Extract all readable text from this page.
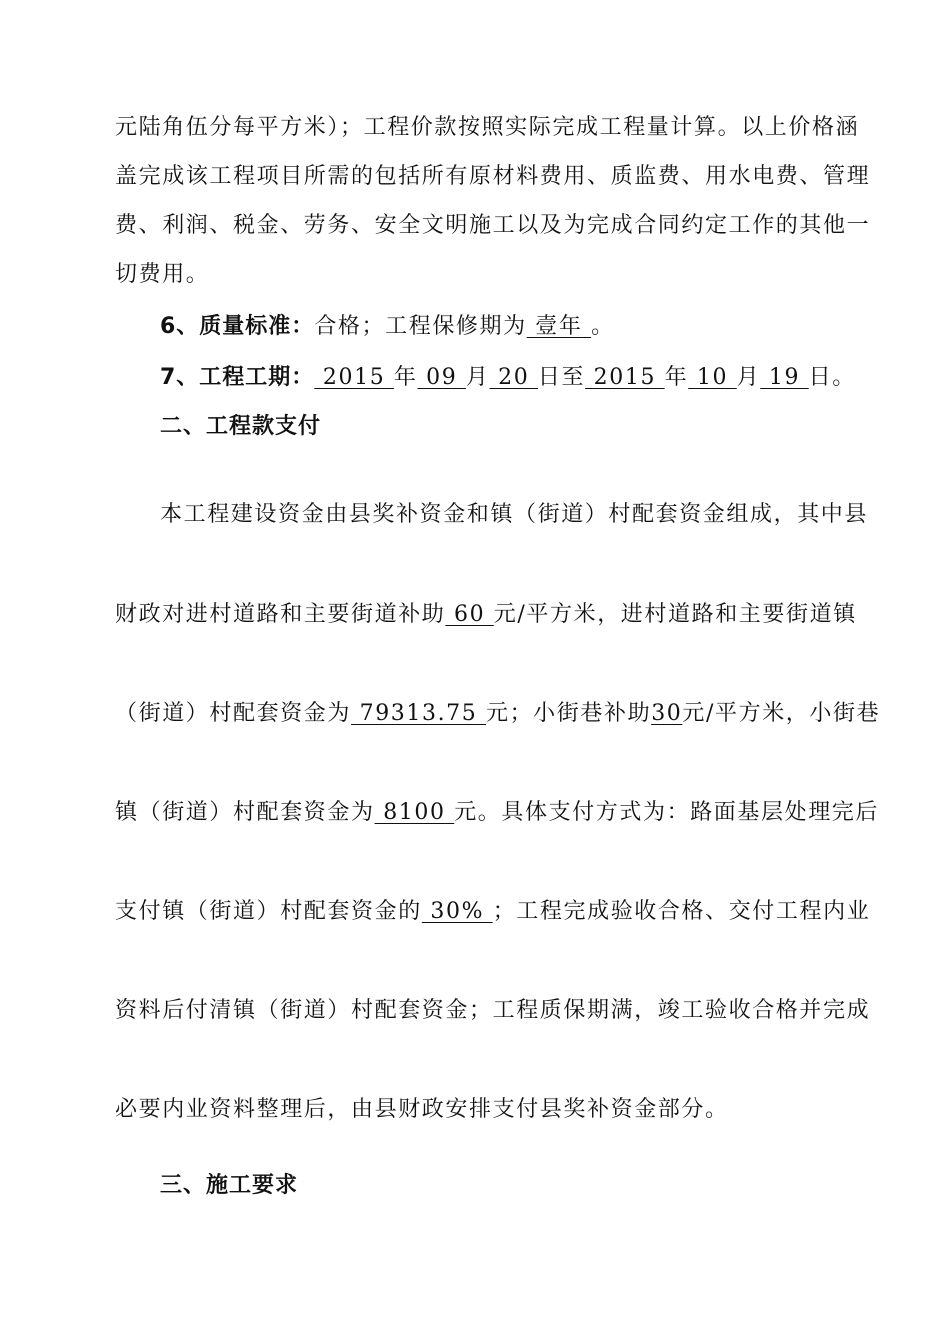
元陆角伍分每平方米）；工程价款按照实际完成工程量计算。以上价格涵
盖完成该工程项目所需的包括所有原材料费用、质监费、用水电费、管理
费、利润、税金、劳务、安全文明施工以及为完成合同约定工作的其他一
切费用。
6、质量标准：合格；工程保修期为 壹年 。
7、工程工期： 2015 年 09 月 20 日至 2015 年 10 月 19 日。
二、工程款支付
本工程建设资金由县奖补资金和镇（街道）村配套资金组成，其中县
财政对进村道路和主要街道补助 60 元/平方米，进村道路和主要街道镇
（街道）村配套资金为 79313.75 元；小街巷补助30元/平方米，小街巷
镇（街道）村配套资金为 8100 元。具体支付方式为：路面基层处理完后
支付镇（街道）村配套资金的 30% ；工程完成验收合格、交付工程内业
资料后付清镇（街道）村配套资金；工程质保期满，竣工验收合格并完成
必要内业资料整理后，由县财政安排支付县奖补资金部分。
三、施工要求
